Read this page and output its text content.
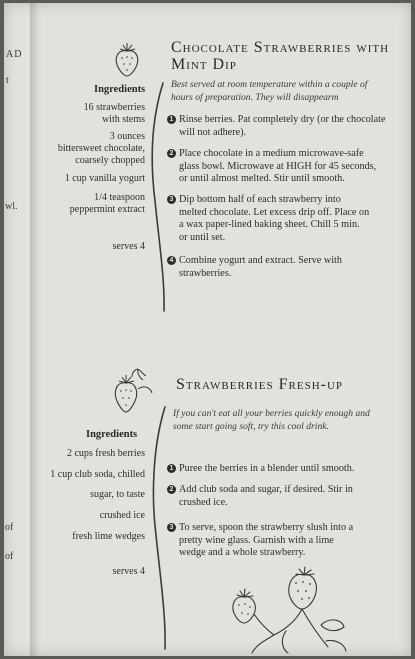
AD
t
wl.
of
of
Chocolate Strawberries with Mint Dip
Best served at room temperature within a couple of
hours of preparation. They will disappearm
Ingredients
16 strawberries
with stems
3 ounces
bittersweet chocolate,
coarsely chopped
1 cup vanilla yogurt
1/4 teaspoon
peppermint extract
serves 4
1 Rinse berries. Pat completely dry (or the chocolate
will not adhere).
2 Place chocolate in a medium microwave-safe
glass bowl. Microwave at HIGH for 45 seconds,
or until almost melted. Stir until smooth.
3 Dip bottom half of each strawberry into
melted chocolate. Let excess drip off. Place on
a wax paper-lined baking sheet. Chill 5 min.
or until set.
4 Combine yogurt and extract. Serve with
strawberries.
Strawberries Fresh-up
If you can't eat all your berries quickly enough and
some start going soft, try this cool drink.
Ingredients
2 cups fresh berries
1 cup club soda, chilled
sugar, to taste
crushed ice
fresh lime wedges
serves 4
1 Puree the berries in a blender until smooth.
2 Add club soda and sugar, if desired. Stir in
crushed ice.
3 To serve, spoon the strawberry slush into a
pretty wine glass. Garnish with a lime
wedge and a whole strawberry.
